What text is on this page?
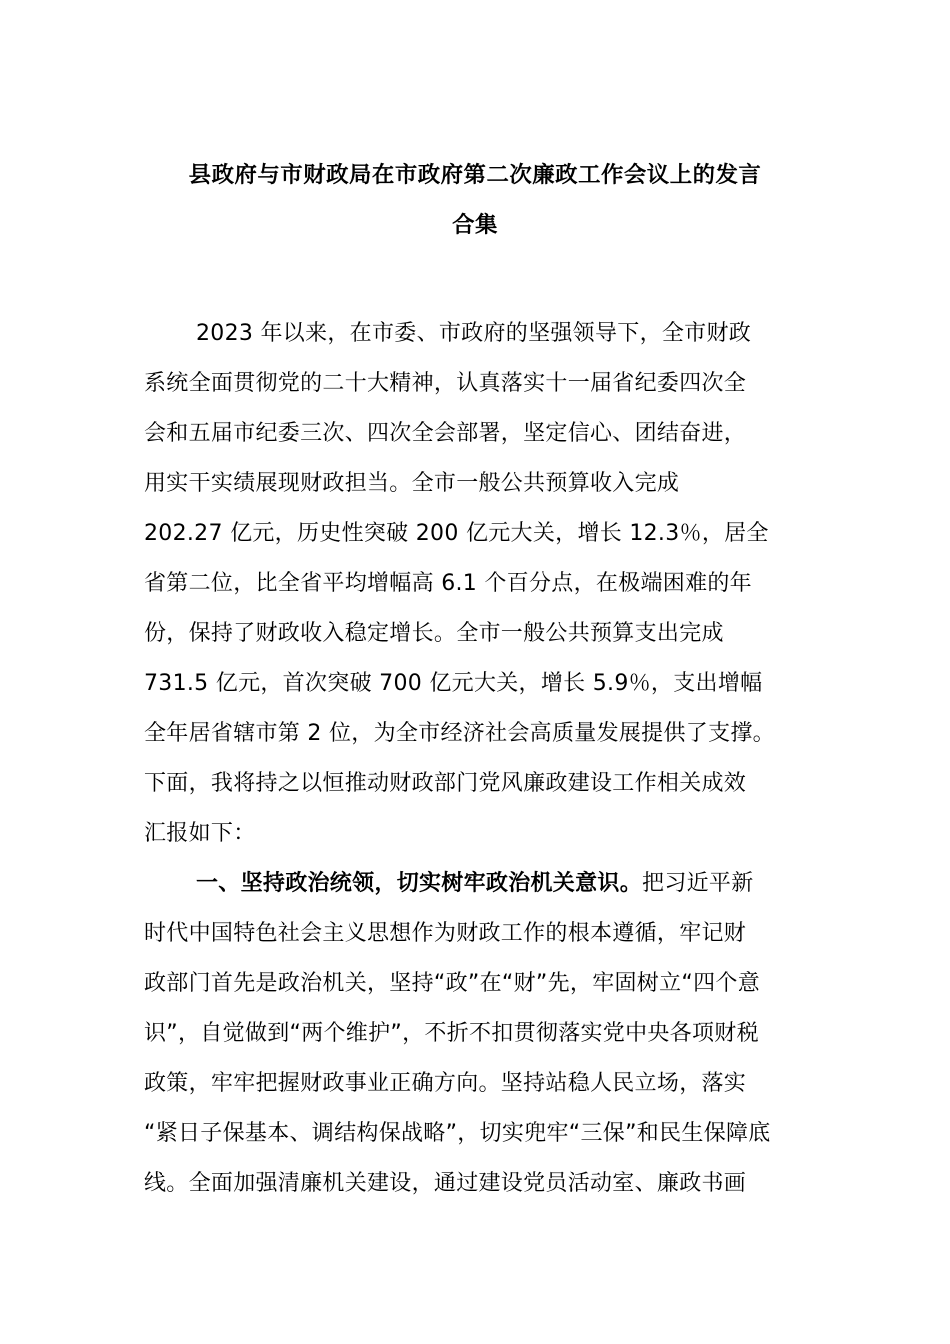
县政府与市财政局在市政府第二次廉政工作会议上的发言
合集
2023 年以来，在市委、市政府的坚强领导下，全市财政
系统全面贯彻党的二十大精神，认真落实十一届省纪委四次全
会和五届市纪委三次、四次全会部署，坚定信心、团结奋进，
用实干实绩展现财政担当。全市一般公共预算收入完成
202.27 亿元，历史性突破 200 亿元大关，增长 12.3％，居全
省第二位，比全省平均增幅高 6.1 个百分点，在极端困难的年
份，保持了财政收入稳定增长。全市一般公共预算支出完成
731.5 亿元，首次突破 700 亿元大关，增长 5.9％，支出增幅
全年居省辖市第 2 位，为全市经济社会高质量发展提供了支撑。
下面，我将持之以恒推动财政部门党风廉政建设工作相关成效
汇报如下：
一、坚持政治统领，切实树牢政治机关意识。把习近平新
时代中国特色社会主义思想作为财政工作的根本遵循，牢记财
政部门首先是政治机关，坚持“政”在“财”先，牢固树立“四个意
识”，自觉做到“两个维护”，不折不扣贯彻落实党中央各项财税
政策，牢牢把握财政事业正确方向。坚持站稳人民立场，落实
“紧日子保基本、调结构保战略”，切实兜牢“三保”和民生保障底
线。全面加强清廉机关建设，通过建设党员活动室、廉政书画
